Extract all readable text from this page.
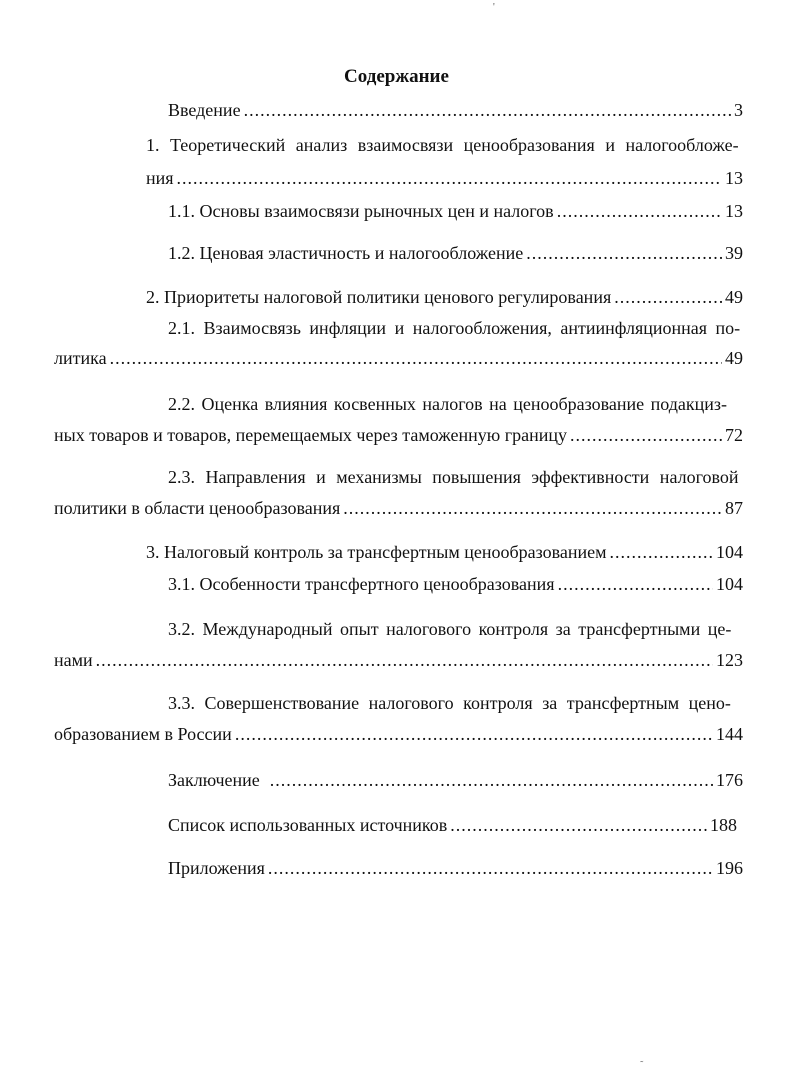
'
Содержание
Введение .....	3
1. Теоретический анализ взаимосвязи ценообразования и налогообложе-
ния .....	13
1.1. Основы взаимосвязи рыночных цен и налогов .....	13
1.2. Ценовая эластичность и налогообложение .....	39
2. Приоритеты налоговой политики ценового регулирования .....	49
2.1. Взаимосвязь инфляции и налогообложения, антиинфляционная по-
литика .....	49
2.2. Оценка влияния косвенных налогов на ценообразование подакциз-
ных товаров и товаров, перемещаемых через таможенную границу .....	72
2.3. Направления и механизмы повышения эффективности налоговой
политики в области ценообразования .....	87
3. Налоговый контроль за трансфертным ценообразованием .....	104
3.1. Особенности трансфертного ценообразования .....	104
3.2. Международный опыт налогового контроля за трансфертными це-
нами .....	123
3.3. Совершенствование налогового контроля за трансфертным цено-
образованием в России .....	144
Заключение .....	176
Список использованных источников .....	188
Приложения .....	196
˜
